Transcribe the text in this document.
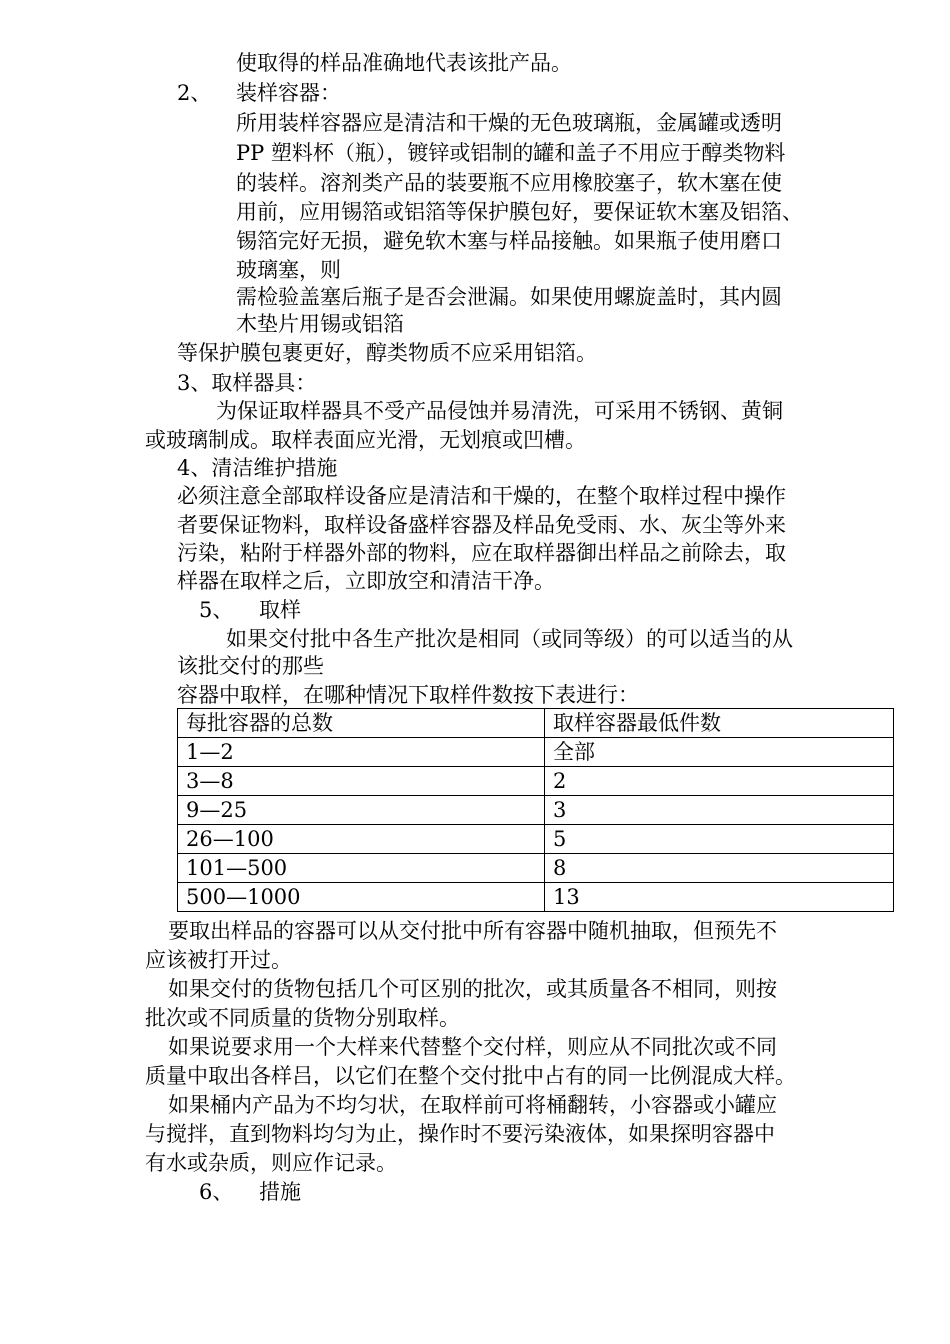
使取得的样品准确地代表该批产品。
2、 装样容器：
所用装样容器应是清洁和干燥的无色玻璃瓶，金属罐或透明
PP 塑料杯（瓶），镀锌或铝制的罐和盖子不用应于醇类物料
的装样。溶剂类产品的装要瓶不应用橡胶塞子，软木塞在使
用前，应用锡箔或铝箔等保护膜包好，要保证软木塞及铝箔、
锡箔完好无损，避免软木塞与样品接触。如果瓶子使用磨口
玻璃塞，则
需检验盖塞后瓶子是否会泄漏。如果使用螺旋盖时，其内圆
木垫片用锡或铝箔
等保护膜包裹更好，醇类物质不应采用铝箔。
3、取样器具：
为保证取样器具不受产品侵蚀并易清洗，可采用不锈钢、黄铜
或玻璃制成。取样表面应光滑，无划痕或凹槽。
4、清洁维护措施
必须注意全部取样设备应是清洁和干燥的，在整个取样过程中操作
者要保证物料，取样设备盛样容器及样品免受雨、水、灰尘等外来
污染，粘附于样器外部的物料，应在取样器御出样品之前除去，取
样器在取样之后，立即放空和清洁干净。
5、 取样
如果交付批中各生产批次是相同（或同等级）的可以适当的从
该批交付的那些
容器中取样，在哪种情况下取样件数按下表进行：
每批容器的总数	取样容器最低件数
1—2	全部
3—8	2
9—25	3
26—100	5
101—500	8
500—1000	13
要取出样品的容器可以从交付批中所有容器中随机抽取，但预先不
应该被打开过。
如果交付的货物包括几个可区别的批次，或其质量各不相同，则按
批次或不同质量的货物分别取样。
如果说要求用一个大样来代替整个交付样，则应从不同批次或不同
质量中取出各样吕，以它们在整个交付批中占有的同一比例混成大样。
如果桶内产品为不均匀状，在取样前可将桶翻转，小容器或小罐应
与搅拌，直到物料均匀为止，操作时不要污染液体，如果探明容器中
有水或杂质，则应作记录。
6、 措施
